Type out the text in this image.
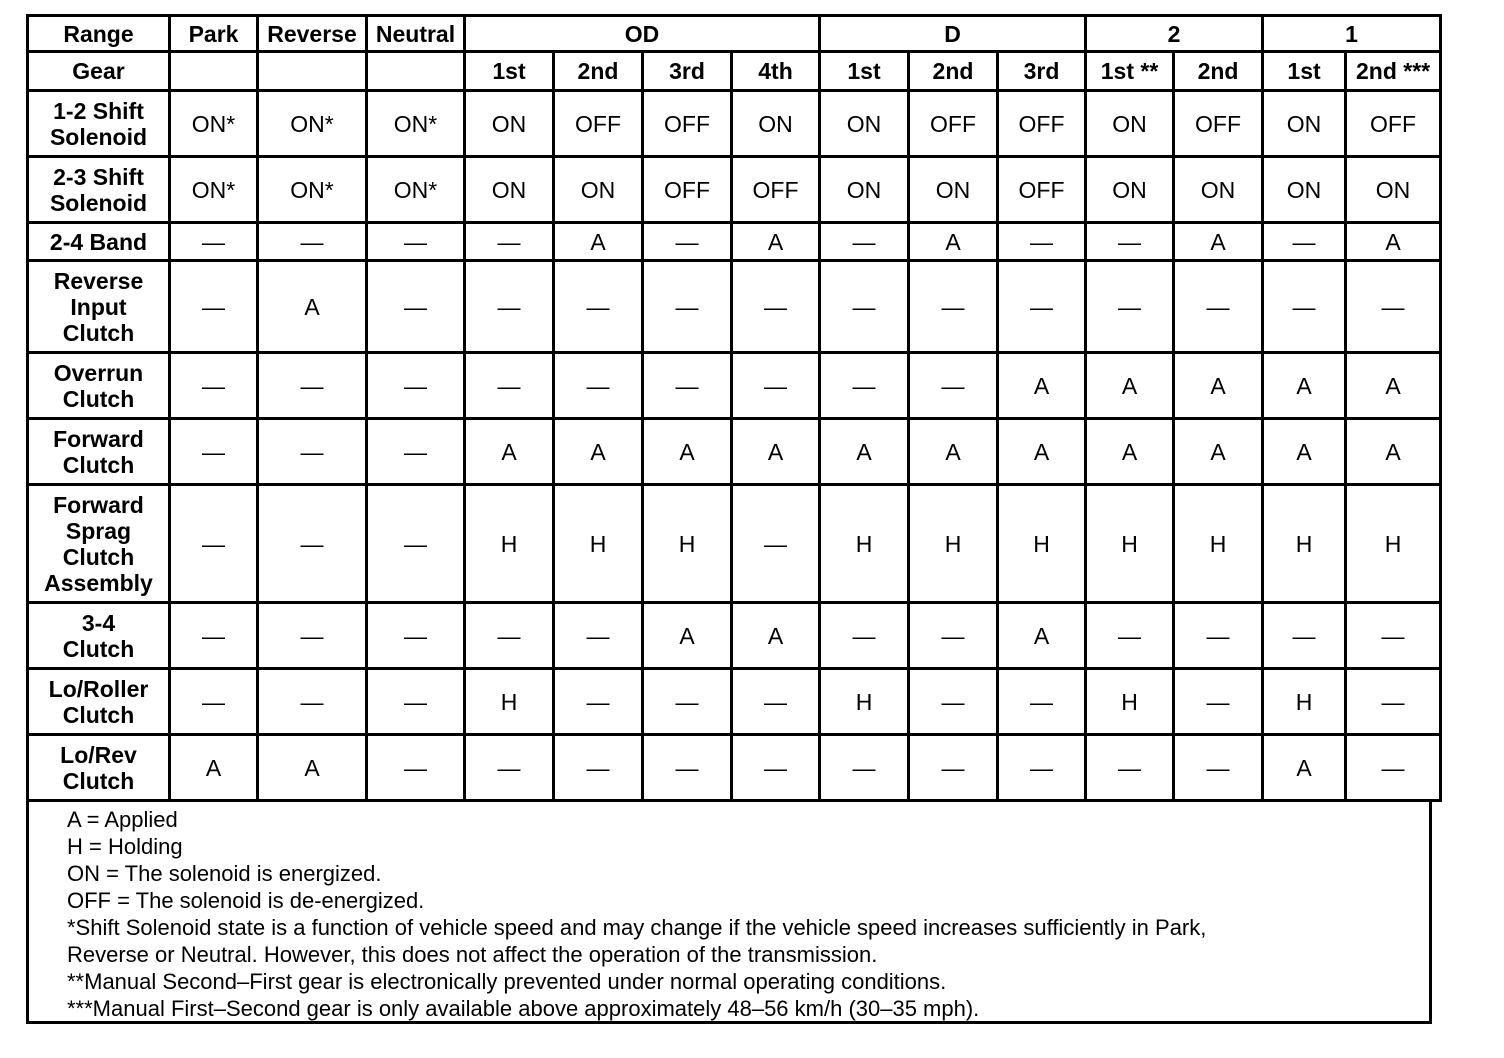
Range	Park	Reverse	Neutral	OD				D			2		1	
Gear				1st	2nd	3rd	4th	1st	2nd	3rd	1st **	2nd	1st	2nd ***
1-2 Shift
Solenoid	ON*	ON*	ON*	ON	OFF	OFF	ON	ON	OFF	OFF	ON	OFF	ON	OFF
2-3 Shift
Solenoid	ON*	ON*	ON*	ON	ON	OFF	OFF	ON	ON	OFF	ON	ON	ON	ON
2-4 Band	—	—	—	—	A	—	A	—	A	—	—	A	—	A
Reverse
Input
Clutch	—	A	—	—	—	—	—	—	—	—	—	—	—	—
Overrun
Clutch	—	—	—	—	—	—	—	—	—	A	A	A	A	A
Forward
Clutch	—	—	—	A	A	A	A	A	A	A	A	A	A	A
Forward
Sprag
Clutch
Assembly	—	—	—	H	H	H	—	H	H	H	H	H	H	H
3-4
Clutch	—	—	—	—	—	A	A	—	—	A	—	—	—	—
Lo/Roller
Clutch	—	—	—	H	—	—	—	H	—	—	H	—	H	—
Lo/Rev
Clutch	A	A	—	—	—	—	—	—	—	—	—	—	A	—
A = Applied
H = Holding
ON = The solenoid is energized.
OFF = The solenoid is de-energized.
*Shift Solenoid state is a function of vehicle speed and may change if the vehicle speed increases sufficiently in Park,
Reverse or Neutral. However, this does not affect the operation of the transmission.
**Manual Second–First gear is electronically prevented under normal operating conditions.
***Manual First–Second gear is only available above approximately 48–56 km/h (30–35 mph).
